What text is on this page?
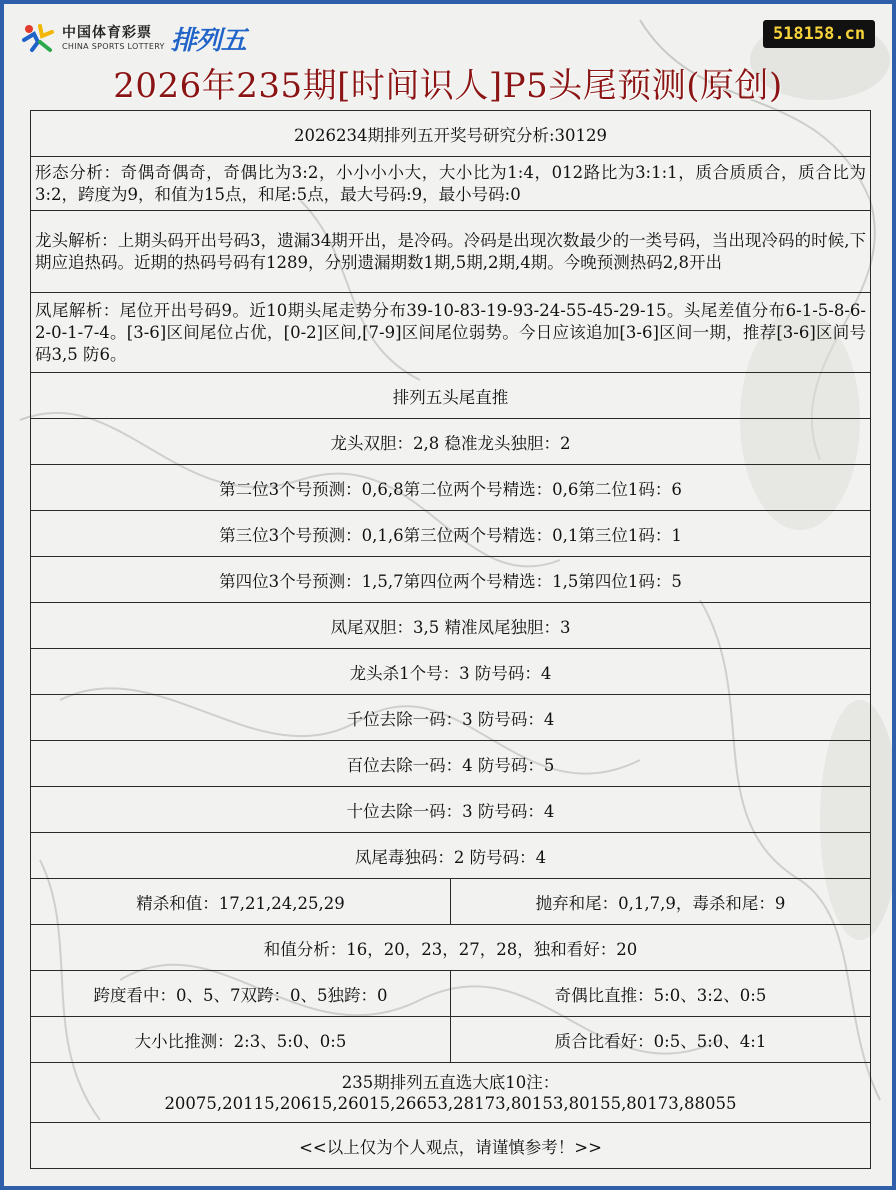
中国体育彩票
CHINA SPORTS LOTTERY 排列五	518158.cn
2026年235期[时间识人]P5头尾预测(原创)
2026234期排列五开奖号研究分析:30129	
形态分析：奇偶奇偶奇，奇偶比为3:2，小小小小大，大小比为1:4，012路比为3:1:1，质合质质合，质合比为3:2，跨度为9，和值为15点，和尾:5点，最大号码:9，最小号码:0	
龙头解析：上期头码开出号码3，遗漏34期开出，是冷码。冷码是出现次数最少的一类号码，当出现冷码的时候,下期应追热码。近期的热码号码有1289，分别遗漏期数1期,5期,2期,4期。今晚预测热码2,8开出	
凤尾解析：尾位开出号码9。近10期头尾走势分布39-10-83-19-93-24-55-45-29-15。头尾差值分布6-1-5-8-6-2-0-1-7-4。[3-6]区间尾位占优，[0-2]区间,[7-9]区间尾位弱势。今日应该追加[3-6]区间一期，推荐[3-6]区间号码3,5 防6。	
排列五头尾直推	
龙头双胆：2,8 稳准龙头独胆：2	
第二位3个号预测：0,6,8第二位两个号精选：0,6第二位1码：6	
第三位3个号预测：0,1,6第三位两个号精选：0,1第三位1码：1	
第四位3个号预测：1,5,7第四位两个号精选：1,5第四位1码：5	
凤尾双胆：3,5 精准凤尾独胆：3	
龙头杀1个号：3 防号码：4	
千位去除一码：3 防号码：4	
百位去除一码：4 防号码：5	
十位去除一码：3 防号码：4	
凤尾毒独码：2 防号码：4	
精杀和值：17,21,24,25,29	抛弃和尾：0,1,7,9，毒杀和尾：9
和值分析：16，20，23，27，28，独和看好：20	
跨度看中：0、5、7双跨：0、5独跨：0	奇偶比直推：5:0、3:2、0:5
大小比推测：2:3、5:0、0:5	质合比看好：0:5、5:0、4:1

235期排列五直选大底10注：
20075,20115,20615,26015,26653,28173,80153,80155,80173,88055	

<<以上仅为个人观点，请谨慎参考！>>	
